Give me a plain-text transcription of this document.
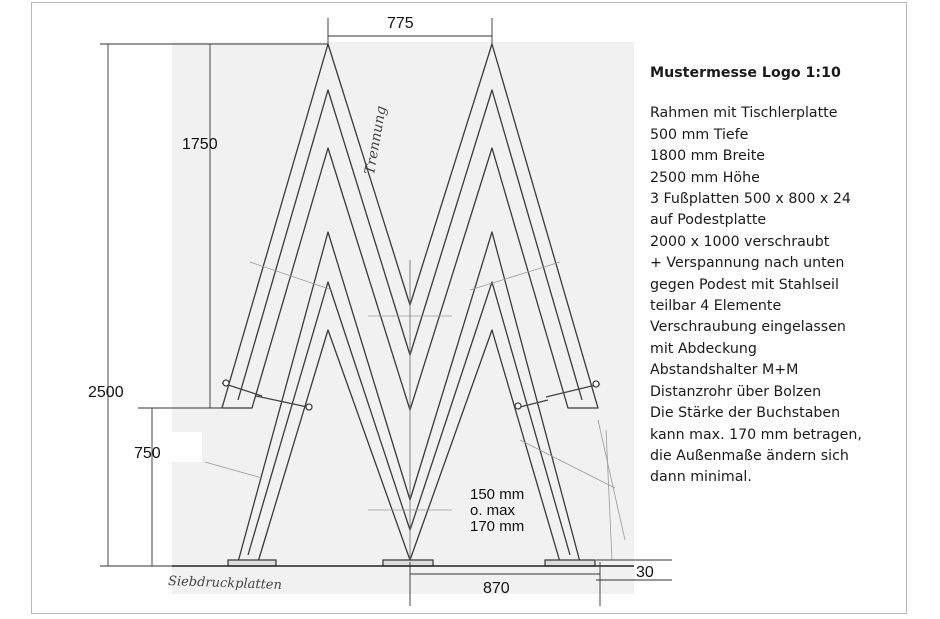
775
1750
2500
750
870
30
150 mm
o. max
170 mm
Trennung
Siebdruckplatten
Mustermesse Logo 1:10
Rahmen mit Tischlerplatte
500 mm Tiefe
1800 mm Breite
2500 mm Höhe
3 Fußplatten 500 x 800 x 24
auf Podestplatte
2000 x 1000 verschraubt
+ Verspannung nach unten
gegen Podest mit Stahlseil
teilbar 4 Elemente
Verschraubung eingelassen
mit Abdeckung
Abstandshalter M+M
Distanzrohr über Bolzen
Die Stärke der Buchstaben
kann max. 170 mm betragen,
die Außenmaße ändern sich
dann minimal.
